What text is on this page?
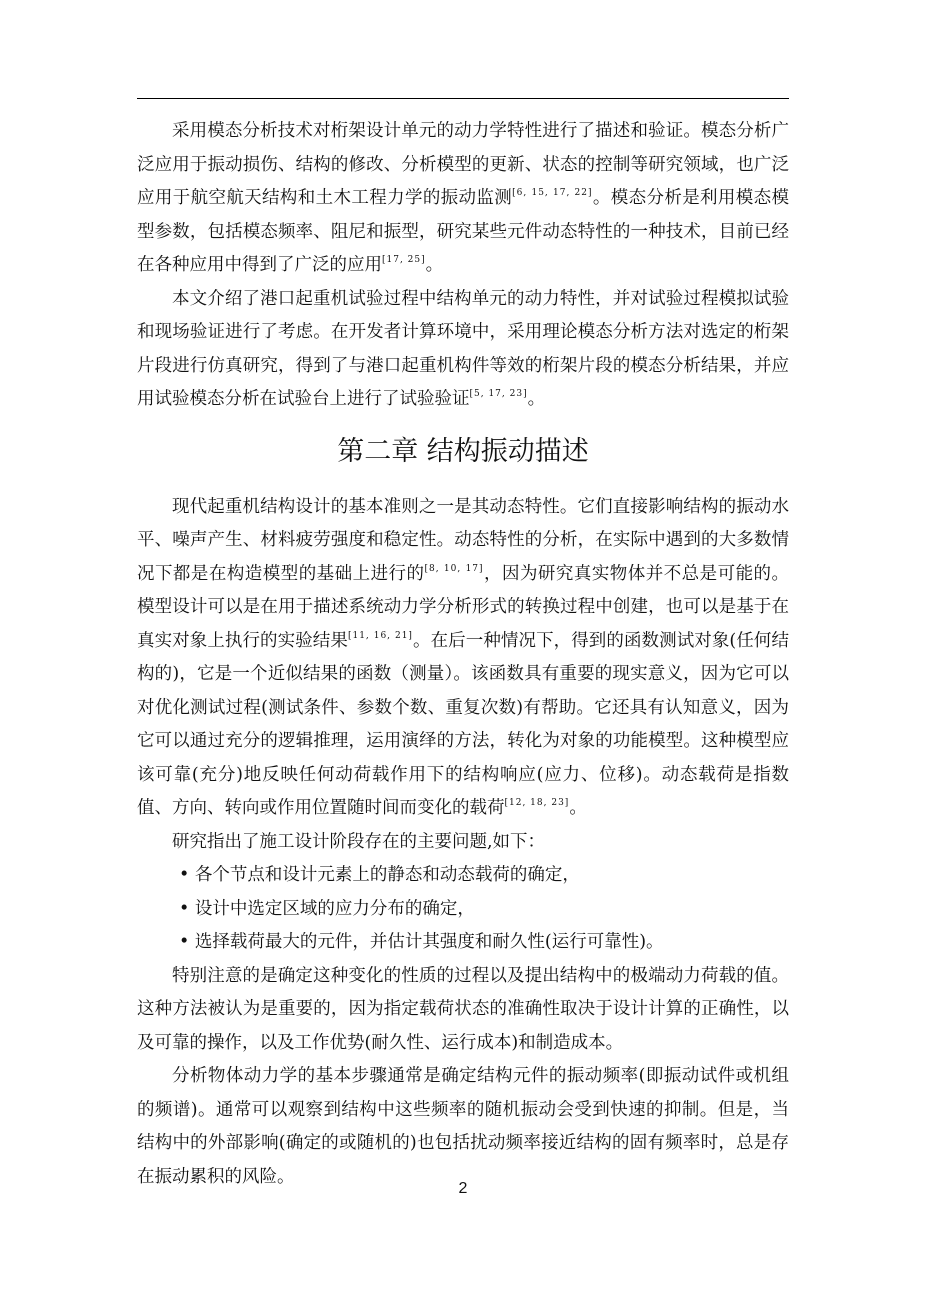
采用模态分析技术对桁架设计单元的动力学特性进行了描述和验证。模态分析广泛应用于振动损伤、结构的修改、分析模型的更新、状态的控制等研究领域，也广泛应用于航空航天结构和土木工程力学的振动监测[6, 15, 17, 22]。模态分析是利用模态模型参数，包括模态频率、阻尼和振型，研究某些元件动态特性的一种技术，目前已经在各种应用中得到了广泛的应用[17, 25]。

本文介绍了港口起重机试验过程中结构单元的动力特性，并对试验过程模拟试验和现场验证进行了考虑。在开发者计算环境中，采用理论模态分析方法对选定的桁架片段进行仿真研究，得到了与港口起重机构件等效的桁架片段的模态分析结果，并应用试验模态分析在试验台上进行了试验验证[5, 17, 23]。

第二章 结构振动描述

现代起重机结构设计的基本准则之一是其动态特性。它们直接影响结构的振动水平、噪声产生、材料疲劳强度和稳定性。动态特性的分析，在实际中遇到的大多数情况下都是在构造模型的基础上进行的[8, 10, 17]，因为研究真实物体并不总是可能的。模型设计可以是在用于描述系统动力学分析形式的转换过程中创建，也可以是基于在真实对象上执行的实验结果[11, 16, 21]。在后一种情况下，得到的函数测试对象(任何结构的)，它是一个近似结果的函数（测量）。该函数具有重要的现实意义，因为它可以对优化测试过程(测试条件、参数个数、重复次数)有帮助。它还具有认知意义，因为它可以通过充分的逻辑推理，运用演绎的方法，转化为对象的功能模型。这种模型应该可靠(充分)地反映任何动荷载作用下的结构响应(应力、位移)。动态载荷是指数值、方向、转向或作用位置随时间而变化的载荷[12, 18, 23]。

研究指出了施工设计阶段存在的主要问题,如下：

• 各个节点和设计元素上的静态和动态载荷的确定，

• 设计中选定区域的应力分布的确定，

• 选择载荷最大的元件，并估计其强度和耐久性(运行可靠性)。

特别注意的是确定这种变化的性质的过程以及提出结构中的极端动力荷载的值。这种方法被认为是重要的，因为指定载荷状态的准确性取决于设计计算的正确性，以及可靠的操作，以及工作优势(耐久性、运行成本)和制造成本。

分析物体动力学的基本步骤通常是确定结构元件的振动频率(即振动试件或机组的频谱)。通常可以观察到结构中这些频率的随机振动会受到快速的抑制。但是，当结构中的外部影响(确定的或随机的)也包括扰动频率接近结构的固有频率时，总是存在振动累积的风险。

2
